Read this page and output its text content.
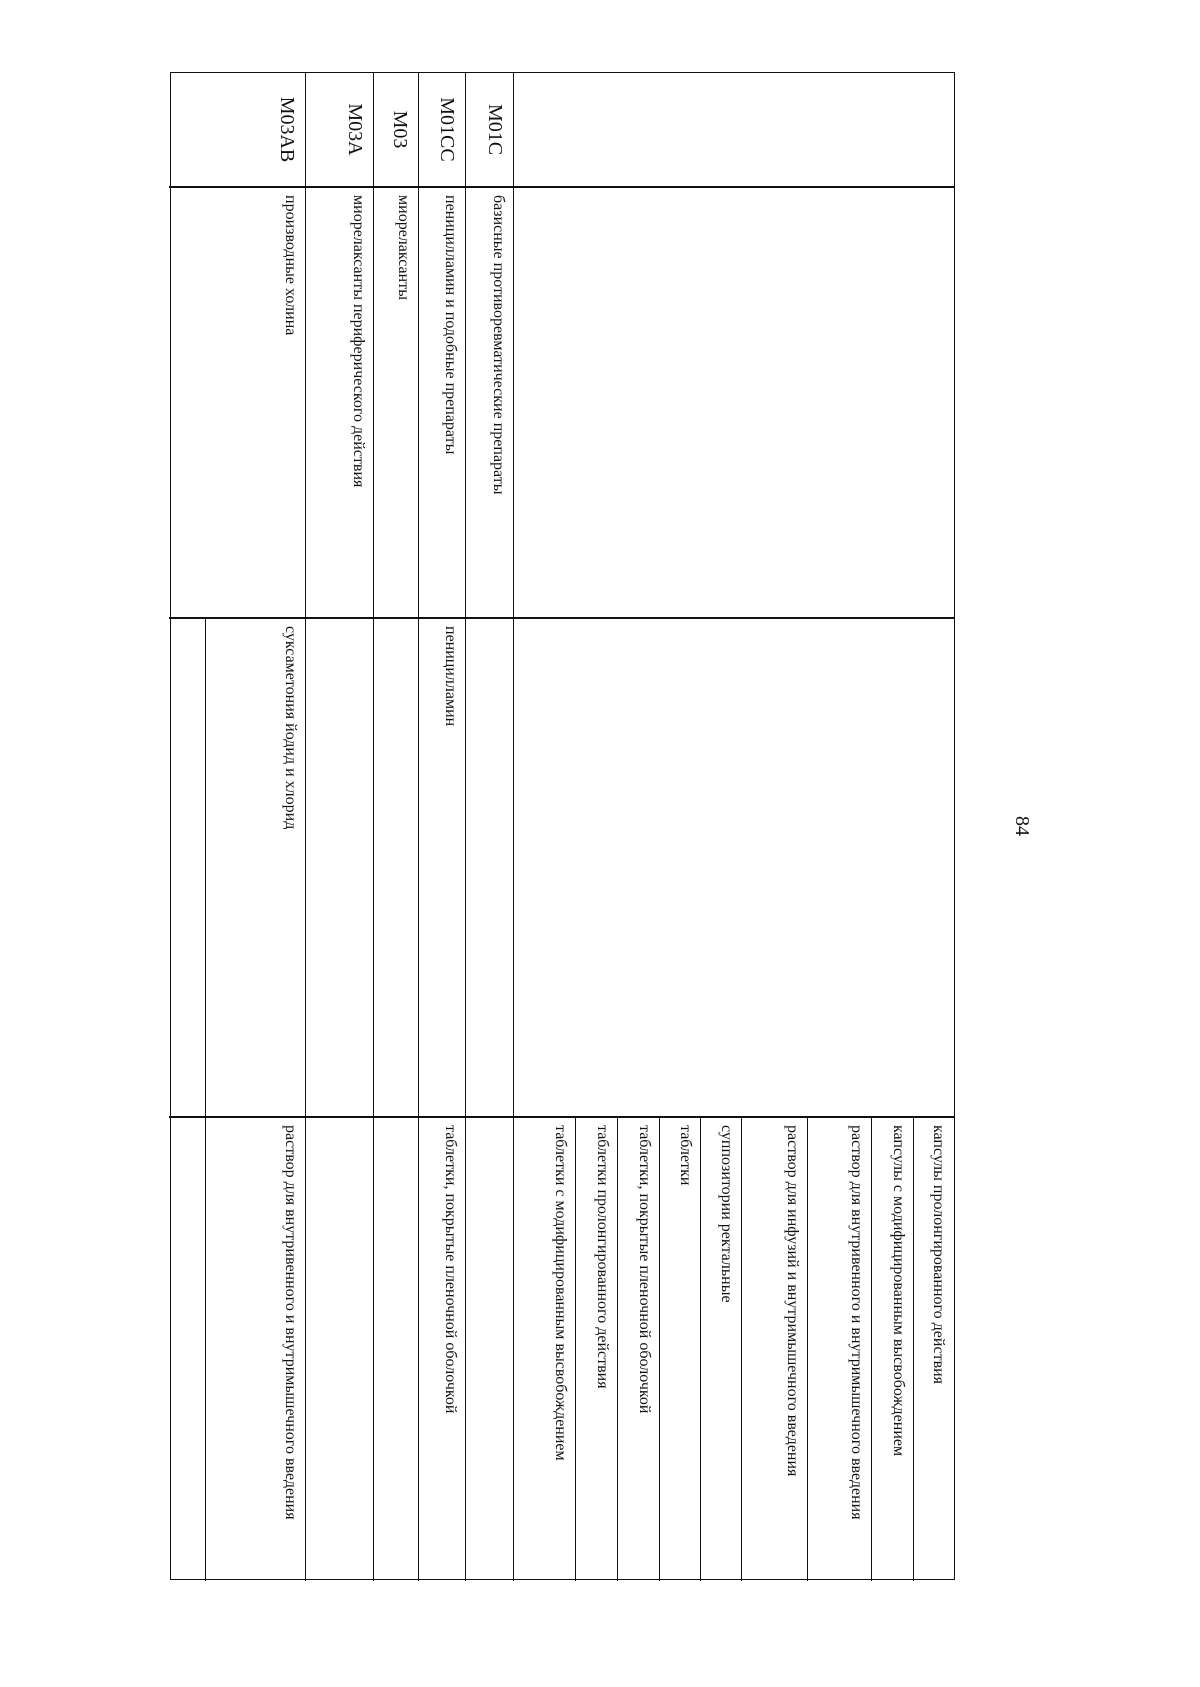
84
капсулы пролонгированного действия
капсулы с модифицированным высвобождением
раствор для внутривенного и внутримышечного введения
раствор для инфузий и внутримышечного введения
суппозитории ректальные
таблетки
таблетки, покрытые пленочной оболочкой
таблетки пролонгированного действия
таблетки с модифицированным высвобождением
M01C
базисные противоревматические препараты
M01CC
пеницилламин и подобные препараты
пеницилламин
таблетки, покрытые пленочной оболочкой
M03
миорелаксанты
M03A
миорелаксанты периферического действия
M03AB
производные холина
суксаметония йодид и хлорид
раствор для внутривенного и внутримышечного введения
